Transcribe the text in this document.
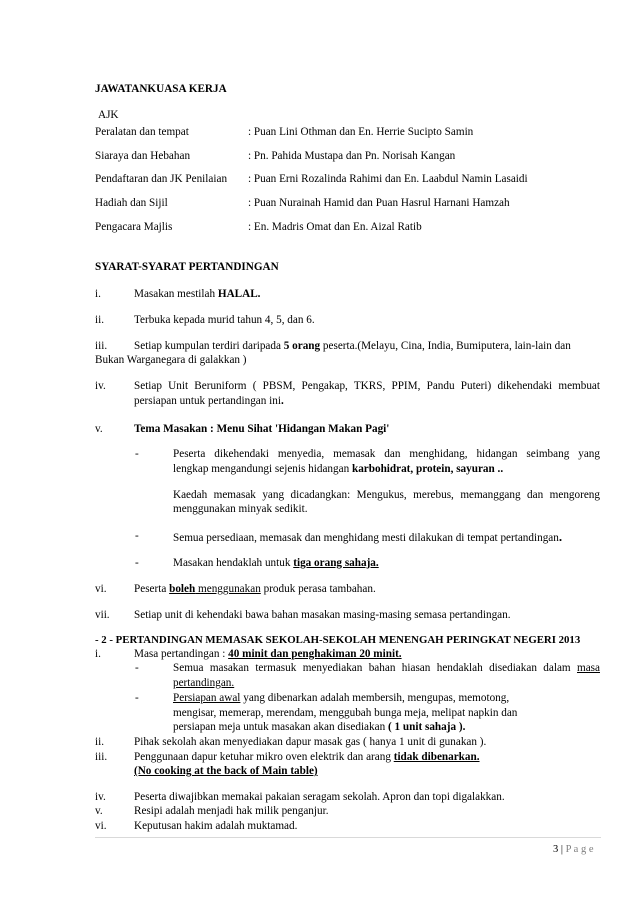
JAWATANKUASA KERJA
AJK
Peralatan dan tempat	: Puan Lini Othman dan En. Herrie Sucipto Samin
Siaraya dan Hebahan	: Pn. Pahida Mustapa dan Pn. Norisah Kangan
Pendaftaran dan JK Penilaian : Puan Erni Rozalinda Rahimi dan En. Laabdul Namin Lasaidi
Hadiah dan Sijil	: Puan Nurainah Hamid dan Puan Hasrul Harnani Hamzah
Pengacara Majlis	: En. Madris Omat dan En. Aizal Ratib
SYARAT-SYARAT PERTANDINGAN
i.	Masakan mestilah HALAL.
ii.	Terbuka kepada murid tahun 4, 5, dan 6.
iii. Setiap kumpulan terdiri daripada 5 orang peserta.(Melayu, Cina, India, Bumiputera, lain-lain dan
Bukan Warganegara di galakkan )
iv.	Setiap Unit Beruniform ( PBSM, Pengakap, TKRS, PPIM, Pandu Puteri) dikehendaki membuat
persiapan untuk pertandingan ini.
v.	Tema Masakan : Menu Sihat 'Hidangan Makan Pagi'
-	Peserta dikehendaki menyedia, memasak dan menghidang, hidangan seimbang yang
lengkap mengandungi sejenis hidangan karbohidrat, protein, sayuran ..
Kaedah memasak yang dicadangkan: Mengukus, merebus, memanggang dan mengoreng
menggunakan minyak sedikit.
-	Semua persediaan, memasak dan menghidang mesti dilakukan di tempat pertandingan.
-	Masakan hendaklah untuk tiga orang sahaja.
vi. Peserta boleh menggunakan produk perasa tambahan.
vii. Setiap unit di kehendaki bawa bahan masakan masing-masing semasa pertandingan.
- 2 - PERTANDINGAN MEMASAK SEKOLAH-SEKOLAH MENENGAH PERINGKAT NEGERI 2013
i.	Masa pertandingan : 40 minit dan penghakiman 20 minit.
-	Semua masakan termasuk menyediakan bahan hiasan hendaklah disediakan dalam masa
pertandingan.
-	Persiapan awal yang dibenarkan adalah membersih, mengupas, memotong,
mengisar, memerap, merendam, menggubah bunga meja, melipat napkin dan
persiapan meja untuk masakan akan disediakan ( 1 unit sahaja ).
ii.	Pihak sekolah akan menyediakan dapur masak gas ( hanya 1 unit di gunakan ).
iii. Penggunaan dapur ketuhar mikro oven elektrik dan arang tidak dibenarkan.
(No cooking at the back of Main table)
iv.	Peserta diwajibkan memakai pakaian seragam sekolah. Apron dan topi digalakkan.
v.	Resipi adalah menjadi hak milik penganjur.
vi. Keputusan hakim adalah muktamad.
3 | P a g e
